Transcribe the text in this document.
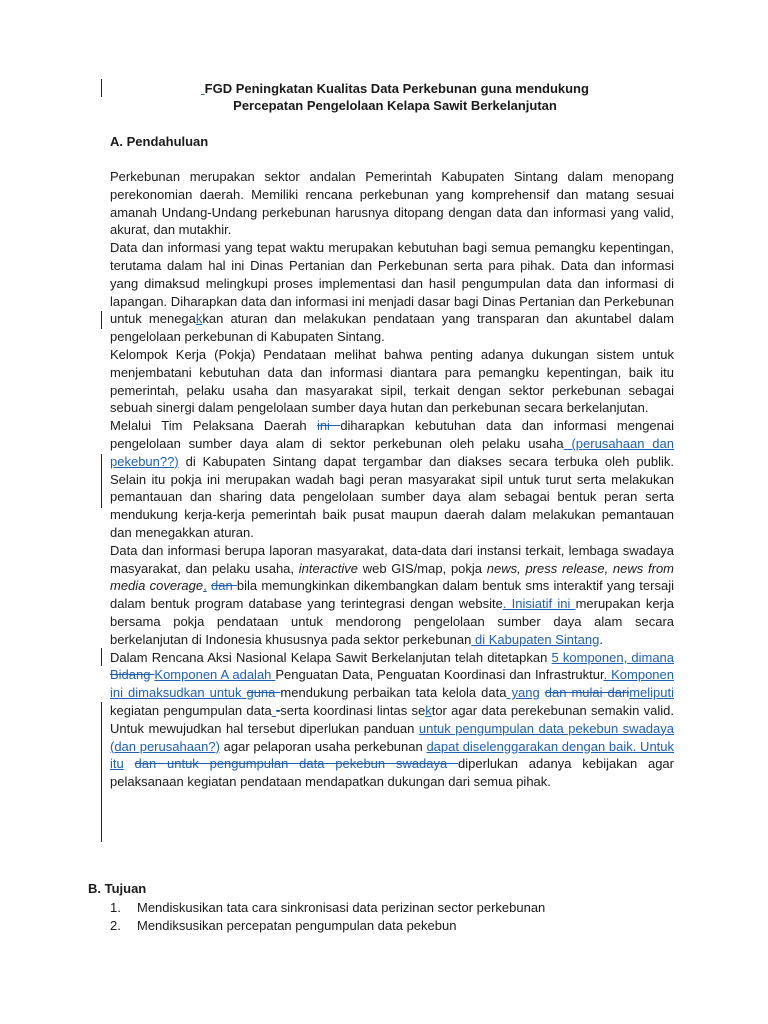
FGD Peningkatan Kualitas Data Perkebunan guna mendukung
Percepatan Pengelolaan Kelapa Sawit Berkelanjutan
A. Pendahuluan

Perkebunan merupakan sektor andalan Pemerintah Kabupaten Sintang dalam menopang perekonomian daerah. Memiliki rencana perkebunan yang komprehensif dan matang sesuai amanah Undang-Undang perkebunan harusnya ditopang dengan data dan informasi yang valid, akurat, dan mutakhir.

Data dan informasi yang tepat waktu merupakan kebutuhan bagi semua pemangku kepentingan, terutama dalam hal ini Dinas Pertanian dan Perkebunan serta para pihak. Data dan informasi yang dimaksud melingkupi proses implementasi dan hasil pengumpulan data dan informasi di lapangan. Diharapkan data dan informasi ini menjadi dasar bagi Dinas Pertanian dan Perkebunan untuk menegakkan aturan dan melakukan pendataan yang transparan dan akuntabel dalam pengelolaan perkebunan di Kabupaten Sintang.

Kelompok Kerja (Pokja) Pendataan melihat bahwa penting adanya dukungan sistem untuk menjembatani kebutuhan data dan informasi diantara para pemangku kepentingan, baik itu pemerintah, pelaku usaha dan masyarakat sipil, terkait dengan sektor perkebunan sebagai sebuah sinergi dalam pengelolaan sumber daya hutan dan perkebunan secara berkelanjutan.

Melalui Tim Pelaksana Daerah ini diharapkan kebutuhan data dan informasi mengenai pengelolaan sumber daya alam di sektor perkebunan oleh pelaku usaha (perusahaan dan pekebun??) di Kabupaten Sintang dapat tergambar dan diakses secara terbuka oleh publik. Selain itu pokja ini merupakan wadah bagi peran masyarakat sipil untuk turut serta melakukan pemantauan dan sharing data pengelolaan sumber daya alam sebagai bentuk peran serta mendukung kerja-kerja pemerintah baik pusat maupun daerah dalam melakukan pemantauan dan menegakkan aturan.

Data dan informasi berupa laporan masyarakat, data-data dari instansi terkait, lembaga swadaya masyarakat, dan pelaku usaha, interactive web GIS/map, pokja news, press release, news from media coverage, dan bila memungkinkan dikembangkan dalam bentuk sms interaktif yang tersaji dalam bentuk program database yang terintegrasi dengan website. Inisiatif ini merupakan kerja bersama pokja pendataan untuk mendorong pengelolaan sumber daya alam secara berkelanjutan di Indonesia khususnya pada sektor perkebunan di Kabupaten Sintang.

Dalam Rencana Aksi Nasional Kelapa Sawit Berkelanjutan telah ditetapkan 5 komponen, dimana Bidang Komponen A adalah Penguatan Data, Penguatan Koordinasi dan Infrastruktur. Komponen ini dimaksudkan untuk guna mendukung perbaikan tata kelola data yang dan mulai darimeliputi kegiatan pengumpulan data -serta koordinasi lintas sektor agar data perekebunan semakin valid. Untuk mewujudkan hal tersebut diperlukan panduan untuk pengumpulan data pekebun swadaya (dan perusahaan?) agar pelaporan usaha perkebunan dapat diselenggarakan dengan baik. Untuk itu dan untuk pengumpulan data pekebun swadaya diperlukan adanya kebijakan agar pelaksanaan kegiatan pendataan mendapatkan dukungan dari semua pihak.

B. Tujuan
1.	Mendiskusikan tata cara sinkronisasi data perizinan sector perkebunan
2.	Mendiksusikan percepatan pengumpulan data pekebun
